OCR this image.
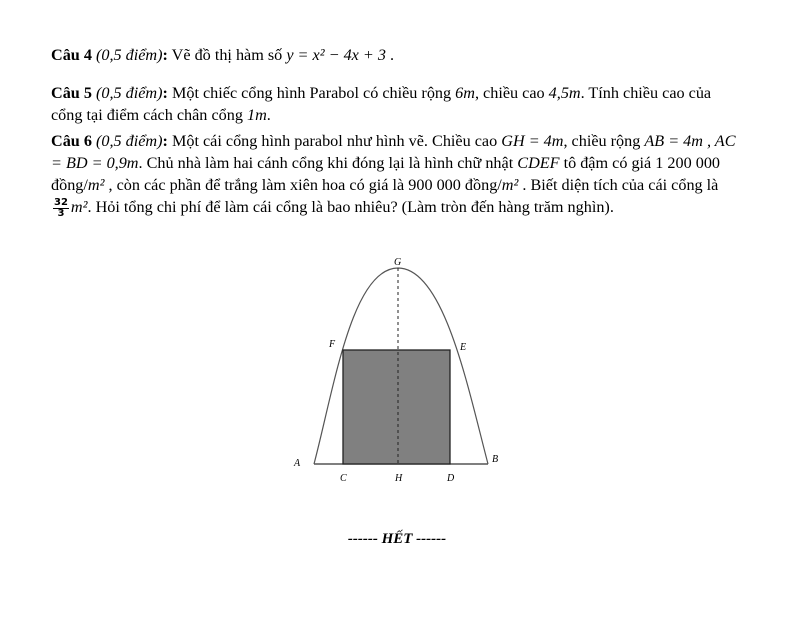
Câu 4 (0,5 điểm): Vẽ đồ thị hàm số y = x² − 4x + 3 .
Câu 5 (0,5 điểm): Một chiếc cổng hình Parabol có chiều rộng 6m, chiều cao 4,5m. Tính chiều cao của cổng tại điểm cách chân cổng 1m.
Câu 6 (0,5 điểm): Một cái cổng hình parabol như hình vẽ. Chiều cao GH = 4m, chiều rộng AB = 4m , AC = BD = 0,9m. Chủ nhà làm hai cánh cổng khi đóng lại là hình chữ nhật CDEF tô đậm có giá 1 200 000 đồng/m² , còn các phần để trắng làm xiên hoa có giá là 900 000 đồng/m² . Biết diện tích của cái cổng là
$\frac{32}{3} m^2$. Hỏi tổng chi phí để làm cái cổng là bao nhiêu? (Làm tròn đến hàng trăm nghìn).
G
F	E
A	B
C	H	D
------ HẾT ------
